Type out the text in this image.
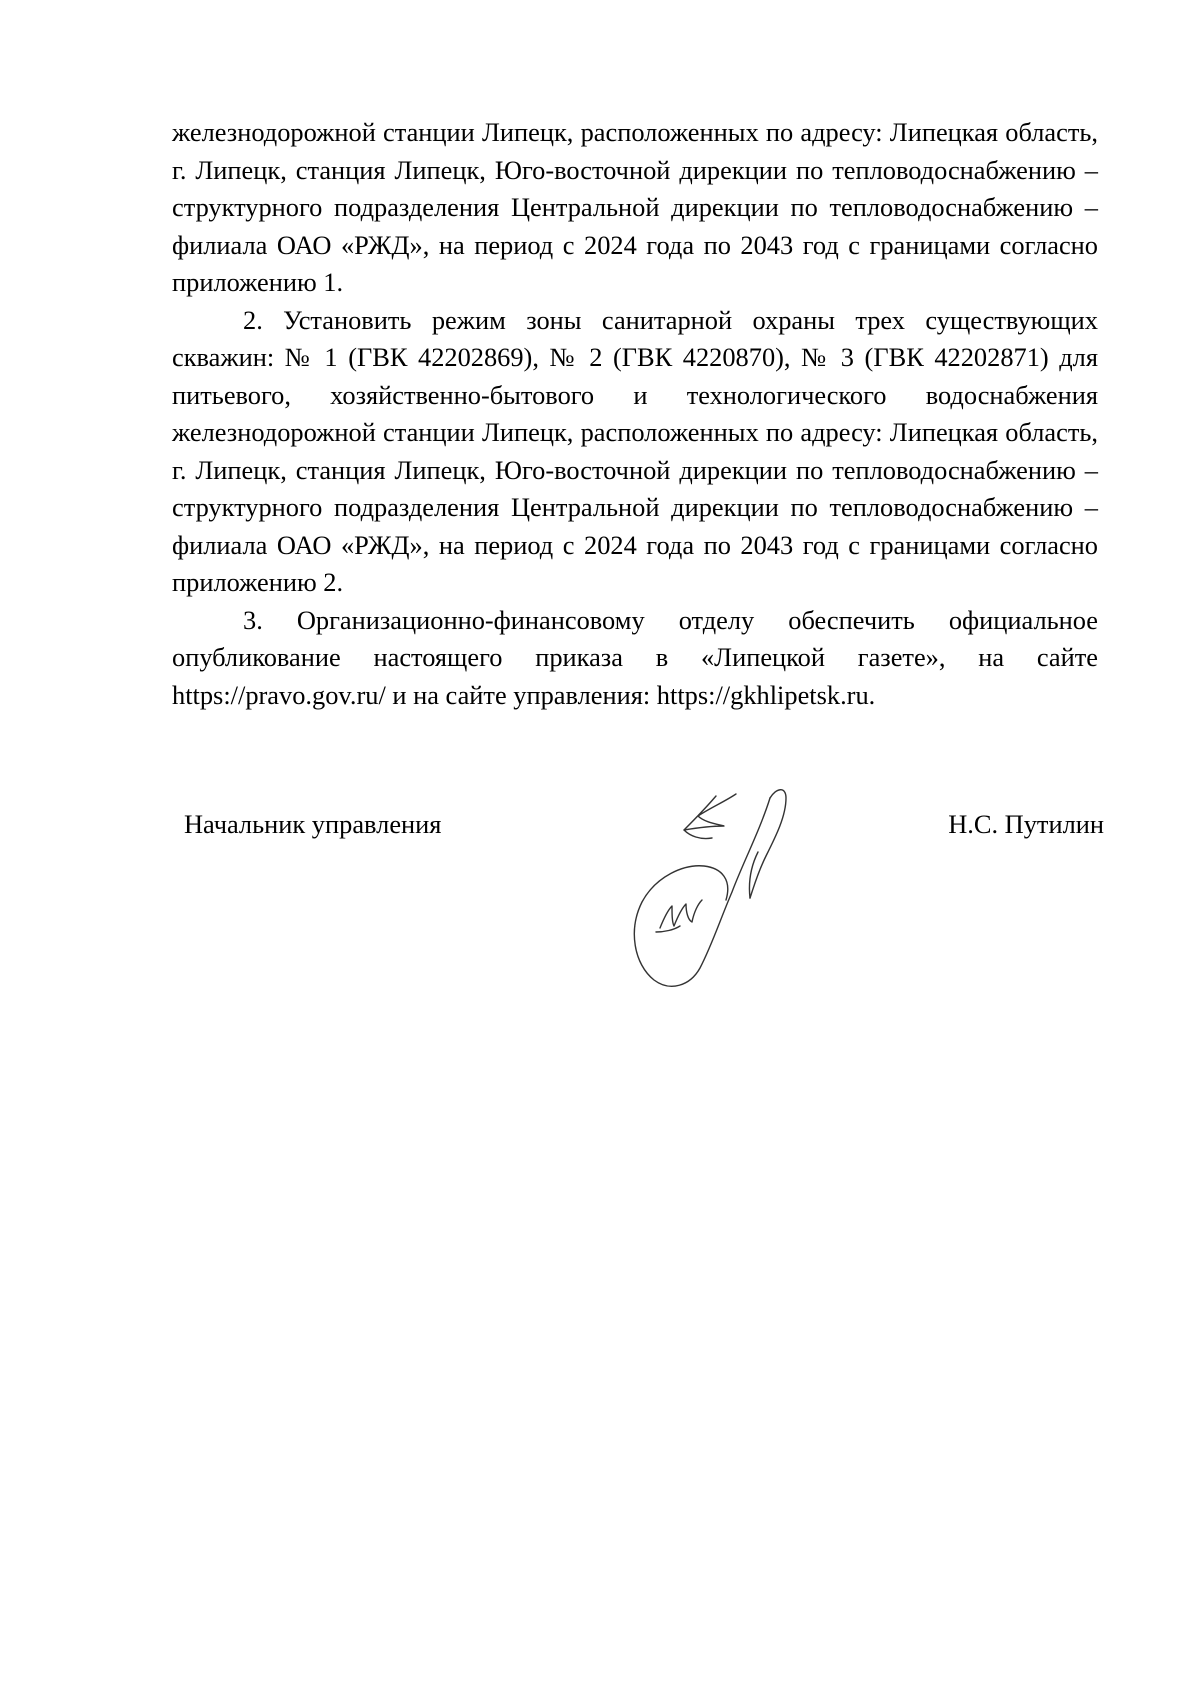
железнодорожной станции Липецк, расположенных по адресу: Липецкая область, г. Липецк, станция Липецк, Юго-восточной дирекции по тепловодоснабжению – структурного подразделения Центральной дирекции по тепловодоснабжению – филиала ОАО «РЖД», на период с 2024 года по 2043 год с границами согласно приложению 1.

2. Установить режим зоны санитарной охраны трех существующих скважин: № 1 (ГВК 42202869), № 2 (ГВК 4220870), № 3 (ГВК 42202871) для питьевого, хозяйственно-бытового и технологического водоснабжения железнодорожной станции Липецк, расположенных по адресу: Липецкая область, г. Липецк, станция Липецк, Юго-восточной дирекции по тепловодоснабжению – структурного подразделения Центральной дирекции по тепловодоснабжению – филиала ОАО «РЖД», на период с 2024 года по 2043 год с границами согласно приложению 2.

3. Организационно-финансовому отделу обеспечить официальное опубликование настоящего приказа в «Липецкой газете», на сайте https://pravo.gov.ru/ и на сайте управления: https://gkhlipetsk.ru.

Начальник управления	Н.С. Путилин
